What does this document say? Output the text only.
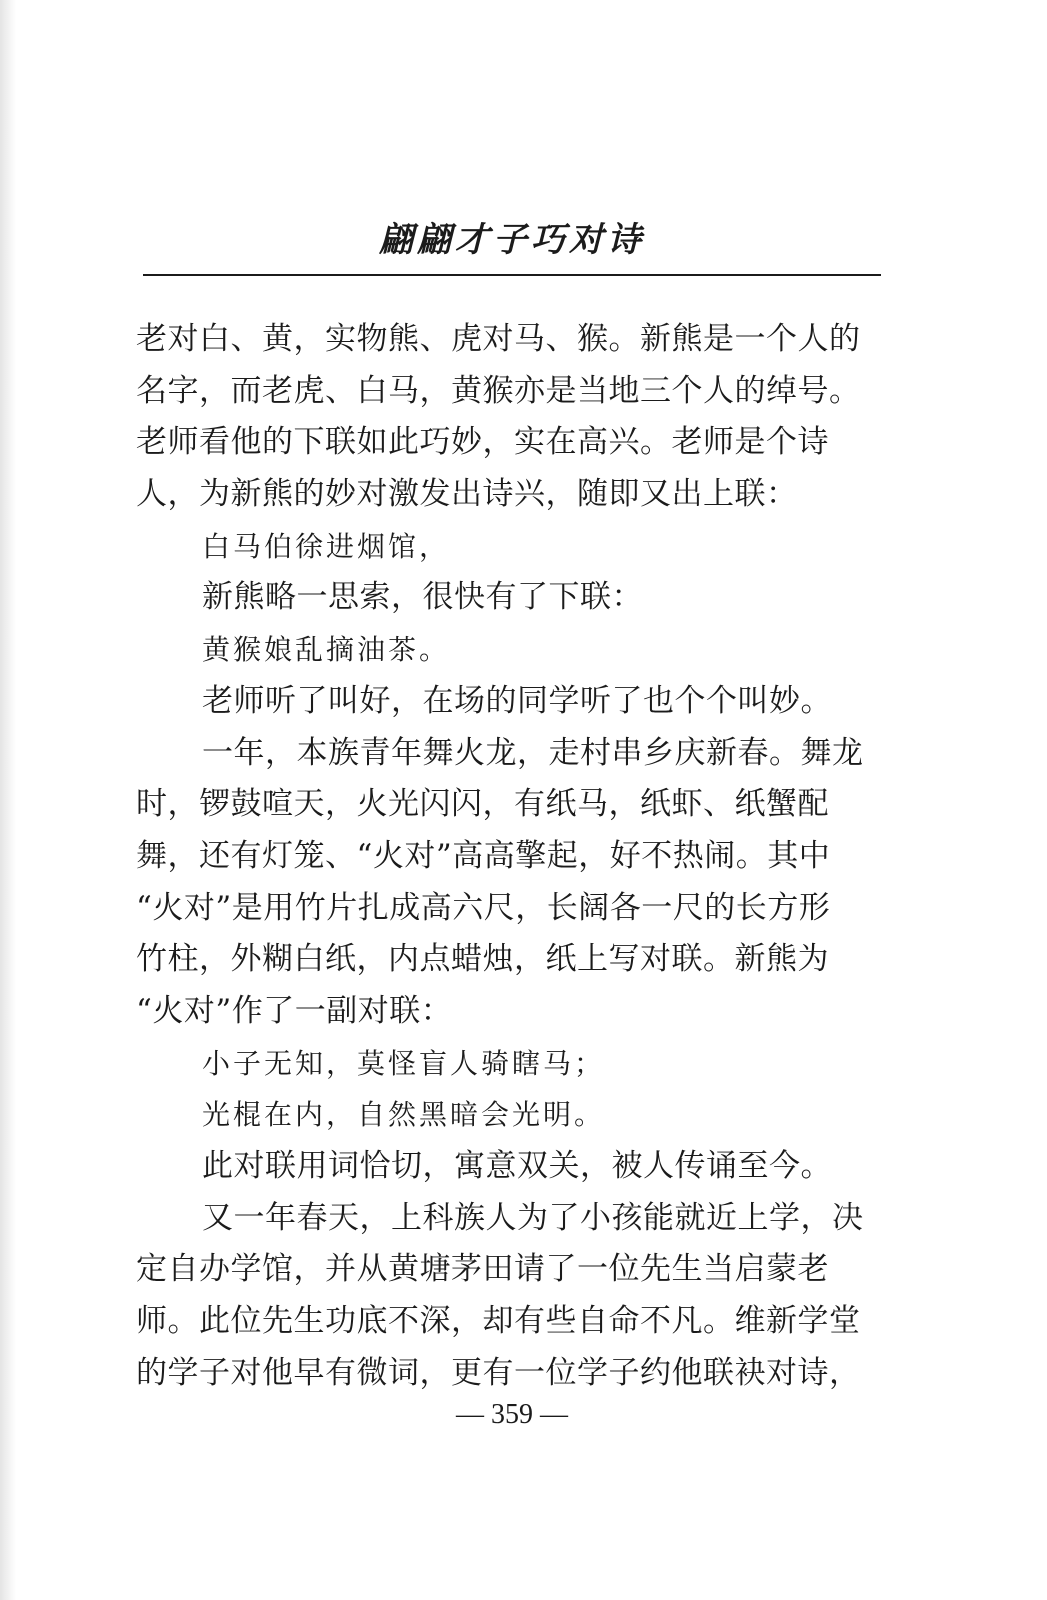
翩翩才子巧对诗
老对白、黄，实物熊、虎对马、猴。新熊是一个人的
名字，而老虎、白马，黄猴亦是当地三个人的绰号。
老师看他的下联如此巧妙，实在高兴。老师是个诗
人，为新熊的妙对激发出诗兴，随即又出上联：
白马伯徐进烟馆，
新熊略一思索，很快有了下联：
黄猴娘乱摘油茶。
老师听了叫好，在场的同学听了也个个叫妙。
一年，本族青年舞火龙，走村串乡庆新春。舞龙
时，锣鼓喧天，火光闪闪，有纸马，纸虾、纸蟹配
舞，还有灯笼、“火对”高高擎起，好不热闹。其中
“火对”是用竹片扎成高六尺，长阔各一尺的长方形
竹柱，外糊白纸，内点蜡烛，纸上写对联。新熊为
“火对”作了一副对联：
小子无知，莫怪盲人骑瞎马；
光棍在内，自然黑暗会光明。
此对联用词恰切，寓意双关，被人传诵至今。
又一年春天，上科族人为了小孩能就近上学，决
定自办学馆，并从黄塘茅田请了一位先生当启蒙老
师。此位先生功底不深，却有些自命不凡。维新学堂
的学子对他早有微词，更有一位学子约他联袂对诗，
— 359 —
